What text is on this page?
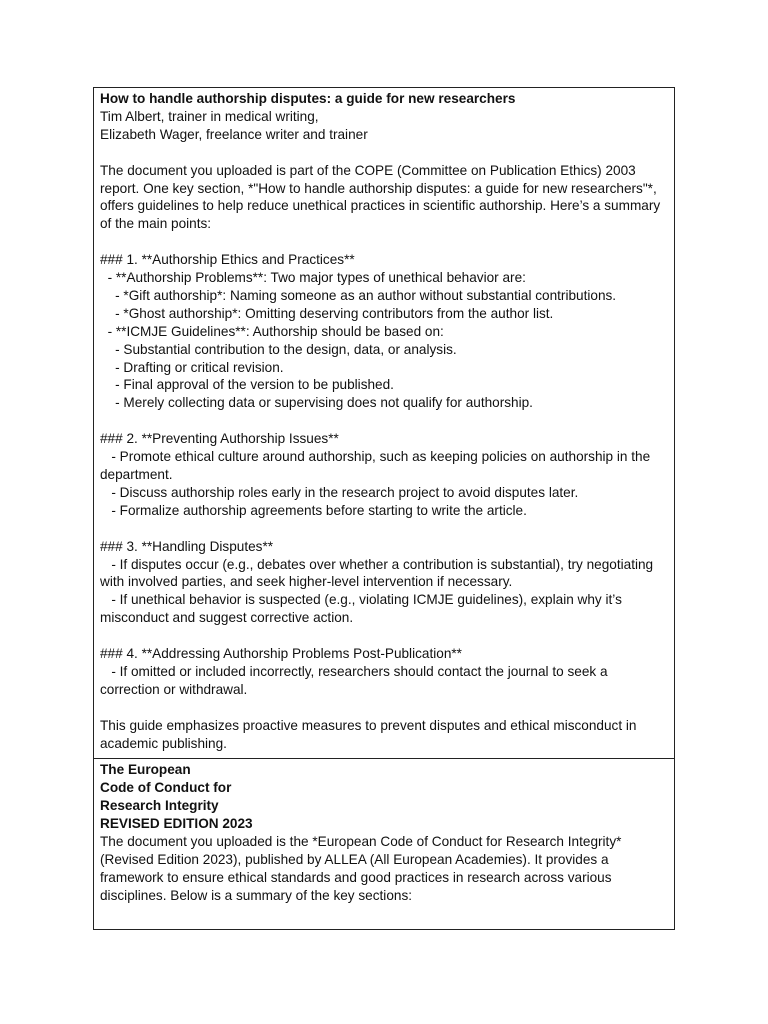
How to handle authorship disputes: a guide for new researchers
Tim Albert, trainer in medical writing,
Elizabeth Wager, freelance writer and trainer
The document you uploaded is part of the COPE (Committee on Publication Ethics) 2003 report. One key section, *"How to handle authorship disputes: a guide for new researchers"*, offers guidelines to help reduce unethical practices in scientific authorship. Here’s a summary of the main points:
### 1. **Authorship Ethics and Practices**
- **Authorship Problems**: Two major types of unethical behavior are:
- *Gift authorship*: Naming someone as an author without substantial contributions.
- *Ghost authorship*: Omitting deserving contributors from the author list.
- **ICMJE Guidelines**: Authorship should be based on:
- Substantial contribution to the design, data, or analysis.
- Drafting or critical revision.
- Final approval of the version to be published.
- Merely collecting data or supervising does not qualify for authorship.
### 2. **Preventing Authorship Issues**
- Promote ethical culture around authorship, such as keeping policies on authorship in the department.
- Discuss authorship roles early in the research project to avoid disputes later.
- Formalize authorship agreements before starting to write the article.
### 3. **Handling Disputes**
- If disputes occur (e.g., debates over whether a contribution is substantial), try negotiating with involved parties, and seek higher-level intervention if necessary.
- If unethical behavior is suspected (e.g., violating ICMJE guidelines), explain why it’s misconduct and suggest corrective action.
### 4. **Addressing Authorship Problems Post-Publication**
- If omitted or included incorrectly, researchers should contact the journal to seek a correction or withdrawal.
This guide emphasizes proactive measures to prevent disputes and ethical misconduct in academic publishing.
The European
Code of Conduct for
Research Integrity
REVISED EDITION 2023
The document you uploaded is the *European Code of Conduct for Research Integrity* (Revised Edition 2023), published by ALLEA (All European Academies). It provides a framework to ensure ethical standards and good practices in research across various disciplines. Below is a summary of the key sections:
